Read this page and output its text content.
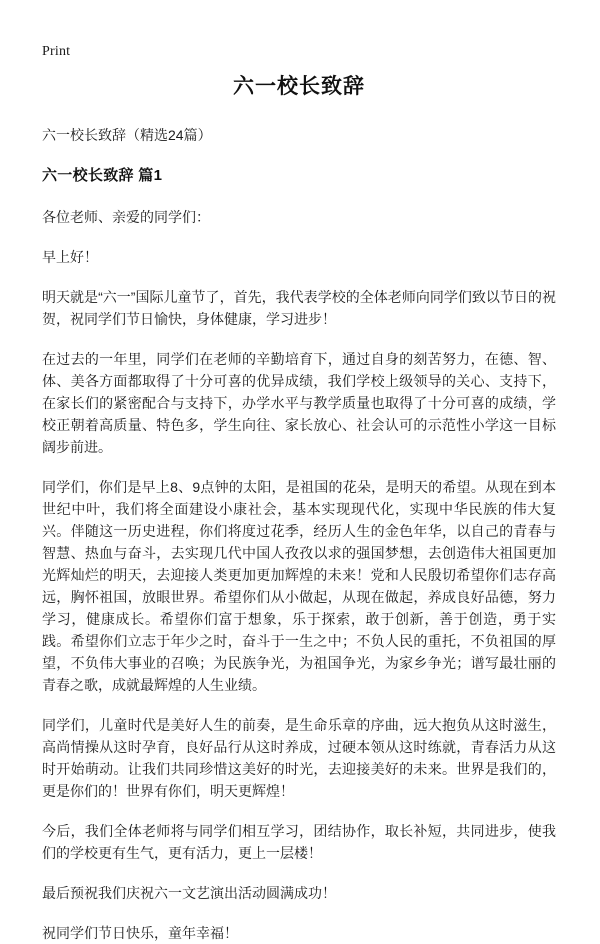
Print
六一校长致辞

六一校长致辞（精选24篇）

六一校长致辞 篇1

各位老师、亲爱的同学们：

早上好！

明天就是“六一”国际儿童节了，首先，我代表学校的全体老师向同学们致以节日的祝贺，祝同学们节日愉快，身体健康，学习进步！

在过去的一年里，同学们在老师的辛勤培育下，通过自身的刻苦努力，在德、智、体、美各方面都取得了十分可喜的优异成绩，我们学校上级领导的关心、支持下，在家长们的紧密配合与支持下，办学水平与教学质量也取得了十分可喜的成绩，学校正朝着高质量、特色多，学生向往、家长放心、社会认可的示范性小学这一目标阔步前进。

同学们，你们是早上8、9点钟的太阳，是祖国的花朵，是明天的希望。从现在到本世纪中叶，我们将全面建设小康社会，基本实现现代化，实现中华民族的伟大复兴。伴随这一历史进程，你们将度过花季，经历人生的金色年华，以自己的青春与智慧、热血与奋斗，去实现几代中国人孜孜以求的强国梦想，去创造伟大祖国更加光辉灿烂的明天，去迎接人类更加更加辉煌的未来！党和人民殷切希望你们志存高远，胸怀祖国，放眼世界。希望你们从小做起，从现在做起，养成良好品德，努力学习，健康成长。希望你们富于想象，乐于探索，敢于创新，善于创造，勇于实践。希望你们立志于年少之时，奋斗于一生之中；不负人民的重托，不负祖国的厚望，不负伟大事业的召唤；为民族争光，为祖国争光，为家乡争光；谱写最壮丽的青春之歌，成就最辉煌的人生业绩。

同学们，儿童时代是美好人生的前奏，是生命乐章的序曲，远大抱负从这时滋生，高尚情操从这时孕育，良好品行从这时养成，过硬本领从这时练就，青春活力从这时开始萌动。让我们共同珍惜这美好的时光，去迎接美好的未来。世界是我们的，更是你们的！世界有你们，明天更辉煌！

今后，我们全体老师将与同学们相互学习，团结协作，取长补短，共同进步，使我们的学校更有生气，更有活力，更上一层楼！

最后预祝我们庆祝六一文艺演出活动圆满成功！

祝同学们节日快乐，童年幸福！
